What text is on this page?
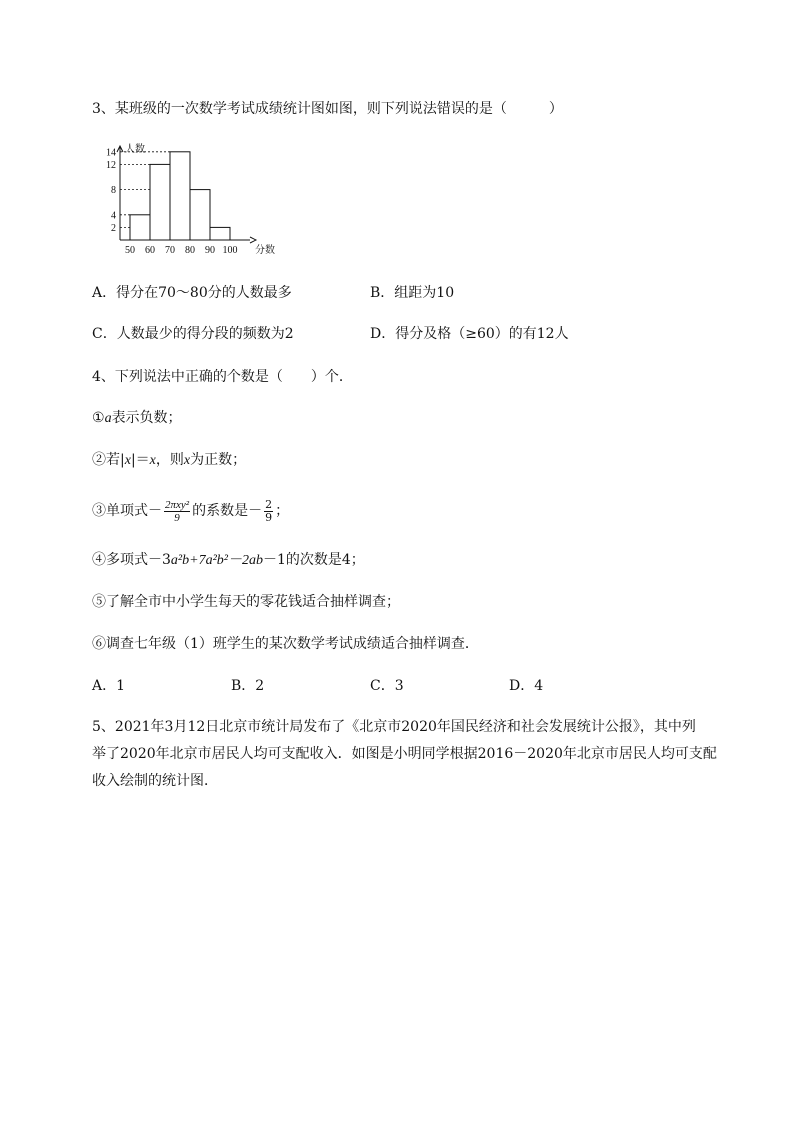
3、某班级的一次数学考试成绩统计图如图，则下列说法错误的是（　　　）
2
4
8
12
14
50 60 70 80 90 100
人数
分数
A．得分在70～80分的人数最多	B．组距为10
C．人数最少的得分段的频数为2	D．得分及格（≥60）的有12人
4、下列说法中正确的个数是（　　）个．
①a表示负数；
②若|x|＝x，则x为正数；
③单项式－ $\frac{\text{2πxy²}}{9}$ 的系数是－ $\frac{2}{9}$ ；
④多项式－3a²b+7a²b²－2ab－1的次数是4；
⑤了解全市中小学生每天的零花钱适合抽样调查；
⑥调查七年级（1）班学生的某次数学考试成绩适合抽样调查．
A．1	B．2	C．3	D．4
5、2021年3月12日北京市统计局发布了《北京市2020年国民经济和社会发展统计公报》，其中列
举了2020年北京市居民人均可支配收入．如图是小明同学根据2016－2020年北京市居民人均可支配
收入绘制的统计图．
